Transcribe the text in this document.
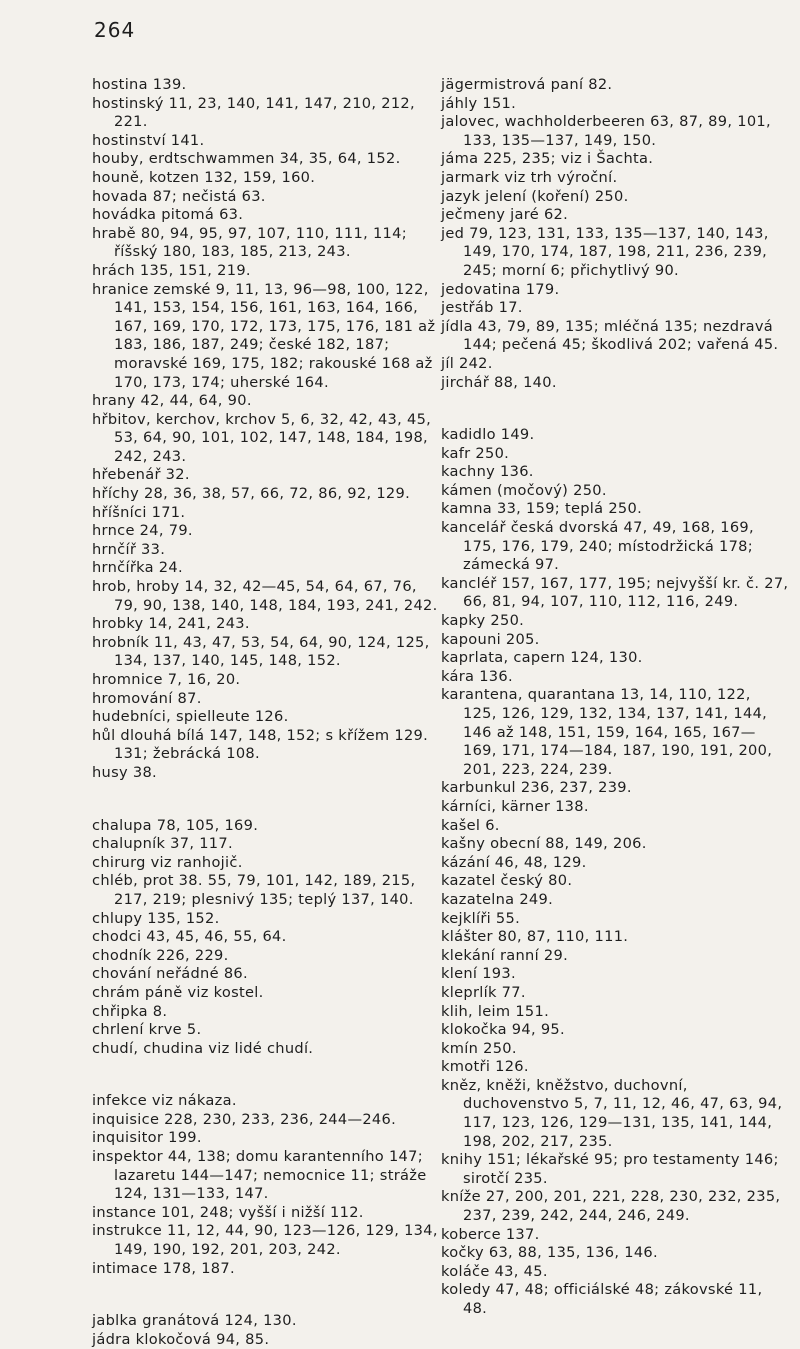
264
hostina 139.
hostinský 11, 23, 140, 141, 147, 210, 212, 221.
hostinství 141.
houby, erdtschwammen 34, 35, 64, 152.
houně, kotzen 132, 159, 160.
hovada 87; nečistá 63.
hovádka pitomá 63.
hrabě 80, 94, 95, 97, 107, 110, 111, 114; říšský 180, 183, 185, 213, 243.
hrách 135, 151, 219.
hranice zemské 9, 11, 13, 96—98, 100, 122, 141, 153, 154, 156, 161, 163, 164, 166, 167, 169, 170, 172, 173, 175, 176, 181 až 183, 186, 187, 249; české 182, 187; moravské 169, 175, 182; rakouské 168 až 170, 173, 174; uherské 164.
hrany 42, 44, 64, 90.
hřbitov, kerchov, krchov 5, 6, 32, 42, 43, 45, 53, 64, 90, 101, 102, 147, 148, 184, 198, 242, 243.
hřebenář 32.
hříchy 28, 36, 38, 57, 66, 72, 86, 92, 129.
hříšníci 171.
hrnce 24, 79.
hrnčíř 33.
hrnčířka 24.
hrob, hroby 14, 32, 42—45, 54, 64, 67, 76, 79, 90, 138, 140, 148, 184, 193, 241, 242.
hrobky 14, 241, 243.
hrobník 11, 43, 47, 53, 54, 64, 90, 124, 125, 134, 137, 140, 145, 148, 152.
hromnice 7, 16, 20.
hromování 87.
hudebníci, spielleute 126.
hůl dlouhá bílá 147, 148, 152; s křížem 129. 131; žebrácká 108.
husy 38.
chalupa 78, 105, 169.
chalupník 37, 117.
chirurg viz ranhojič.
chléb, prot 38. 55, 79, 101, 142, 189, 215, 217, 219; plesnivý 135; teplý 137, 140.
chlupy 135, 152.
chodci 43, 45, 46, 55, 64.
chodník 226, 229.
chování neřádné 86.
chrám páně viz kostel.
chřipka 8.
chrlení krve 5.
chudí, chudina viz lidé chudí.
infekce viz nákaza.
inquisice 228, 230, 233, 236, 244—246.
inquisitor 199.
inspektor 44, 138; domu karantenního 147; lazaretu 144—147; nemocnice 11; stráže 124, 131—133, 147.
instance 101, 248; vyšší i nižší 112.
instrukce 11, 12, 44, 90, 123—126, 129, 134, 149, 190, 192, 201, 203, 242.
intimace 178, 187.
jablka granátová 124, 130.
jádra klokočová 94, 85.
jägermistrová paní 82.
jáhly 151.
jalovec, wachholderbeeren 63, 87, 89, 101, 133, 135—137, 149, 150.
jáma 225, 235; viz i Šachta.
jarmark viz trh výroční.
jazyk jelení (koření) 250.
ječmeny jaré 62.
jed 79, 123, 131, 133, 135—137, 140, 143, 149, 170, 174, 187, 198, 211, 236, 239, 245; morní 6; přichytlivý 90.
jedovatina 179.
jestřáb 17.
jídla 43, 79, 89, 135; mléčná 135; nezdravá 144; pečená 45; škodlivá 202; vařená 45.
jíl 242.
jirchář 88, 140.
kadidlo 149.
kafr 250.
kachny 136.
kámen (močový) 250.
kamna 33, 159; teplá 250.
kancelář česká dvorská 47, 49, 168, 169, 175, 176, 179, 240; místodržická 178; zámecká 97.
kancléř 157, 167, 177, 195; nejvyšší kr. č. 27, 66, 81, 94, 107, 110, 112, 116, 249.
kapky 250.
kapouni 205.
kaprlata, capern 124, 130.
kára 136.
karantena, quarantana 13, 14, 110, 122, 125, 126, 129, 132, 134, 137, 141, 144, 146 až 148, 151, 159, 164, 165, 167—169, 171, 174—184, 187, 190, 191, 200, 201, 223, 224, 239.
karbunkul 236, 237, 239.
kárníci, kärner 138.
kašel 6.
kašny obecní 88, 149, 206.
kázání 46, 48, 129.
kazatel český 80.
kazatelna 249.
kejklíři 55.
klášter 80, 87, 110, 111.
klekání ranní 29.
klení 193.
kleprlík 77.
klih, leim 151.
klokočka 94, 95.
kmín 250.
kmotři 126.
kněz, kněži, kněžstvo, duchovní, duchovenstvo 5, 7, 11, 12, 46, 47, 63, 94, 117, 123, 126, 129—131, 135, 141, 144, 198, 202, 217, 235.
knihy 151; lékařské 95; pro testamenty 146; sirotčí 235.
kníže 27, 200, 201, 221, 228, 230, 232, 235, 237, 239, 242, 244, 246, 249.
koberce 137.
kočky 63, 88, 135, 136, 146.
koláče 43, 45.
koledy 47, 48; officiálské 48; zákovské 11, 48.
